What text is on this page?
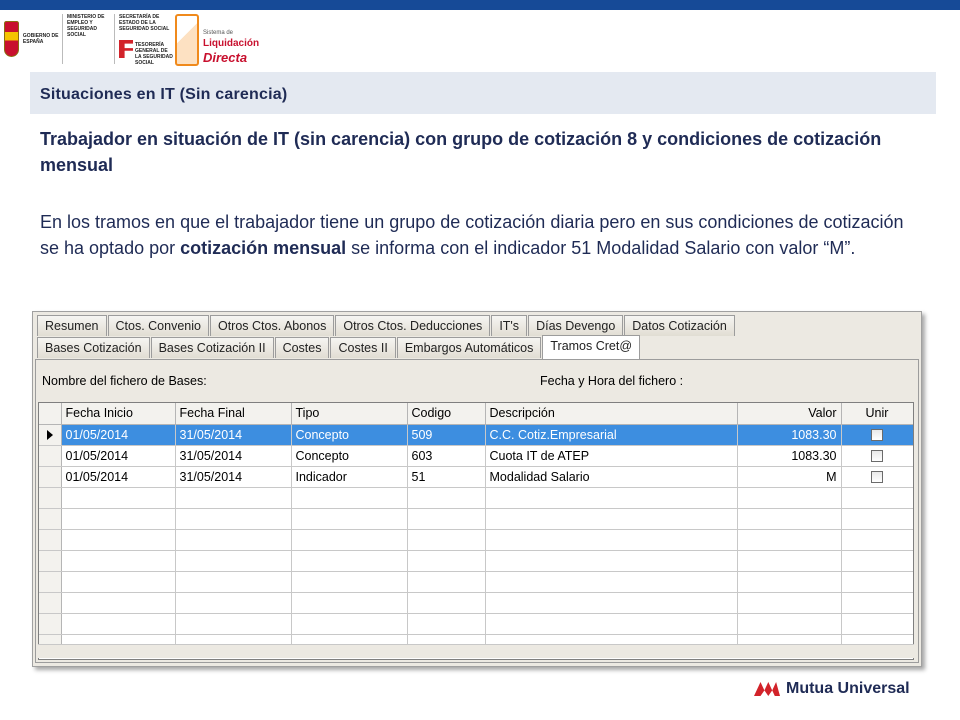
GOBIERNO DE ESPAÑA
MINISTERIO DE EMPLEO Y SEGURIDAD SOCIAL
SECRETARÍA DE ESTADO DE LA SEGURIDAD SOCIAL
TESORERÍA GENERAL DE LA SEGURIDAD SOCIAL
Sistema de
Liquidación
Directa
Situaciones en IT (Sin carencia)
Trabajador en situación de IT (sin carencia) con grupo de cotización 8 y condiciones de cotización mensual
En los tramos en que el trabajador tiene un grupo de cotización diaria pero en sus condiciones de cotización se ha optado por cotización mensual se informa con el indicador 51 Modalidad Salario con valor “M”.
Resumen	Ctos. Convenio	Otros Ctos. Abonos	Otros Ctos. Deducciones	IT's	Días Devengo	Datos Cotización
Bases Cotización	Bases Cotización II	Costes	Costes II	Embargos Automáticos	Tramos Cret@
Nombre del fichero de Bases:	Fecha y Hora del fichero :
	Fecha Inicio	Fecha Final	Tipo	Codigo	Descripción	Valor	Unir
	01/05/2014	31/05/2014	Concepto	509	C.C. Cotiz.Empresarial	1083.30	
	01/05/2014	31/05/2014	Concepto	603	Cuota IT de ATEP	1083.30	
	01/05/2014	31/05/2014	Indicador	51	Modalidad Salario	M	

Mutua Universal
